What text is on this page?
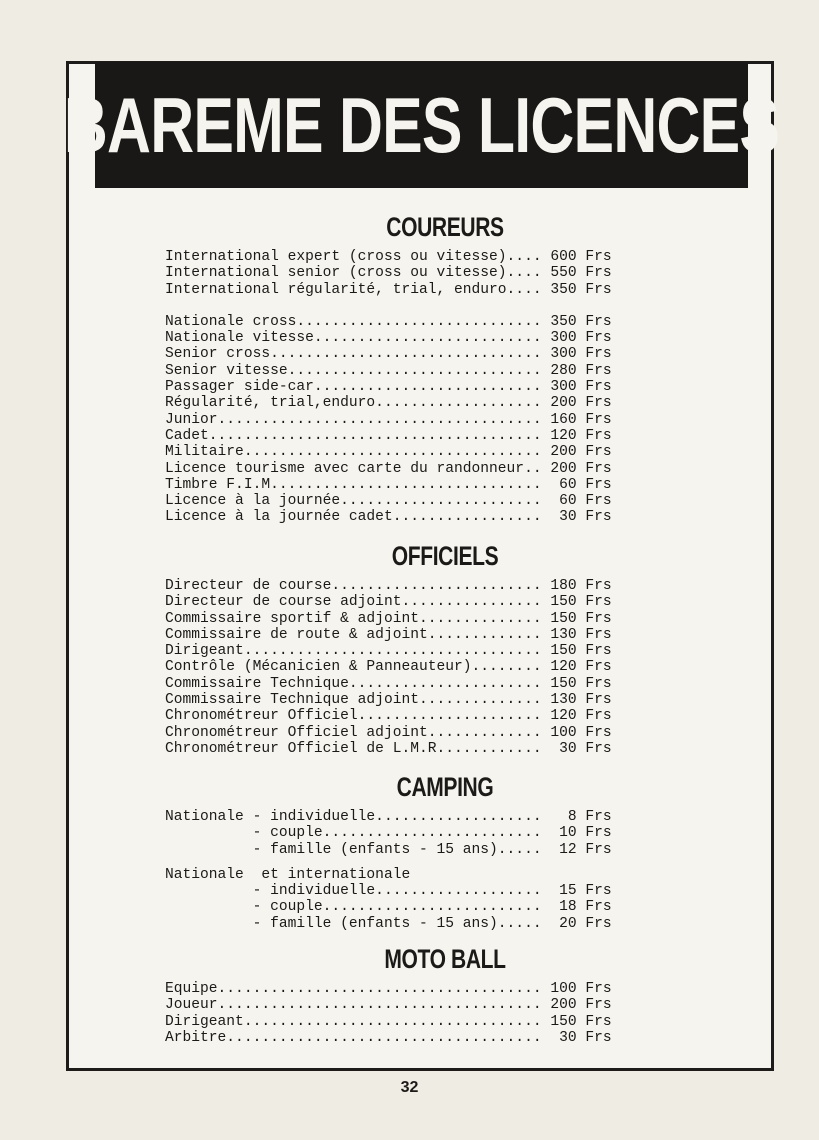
BAREME DES LICENCES
COUREURS
International expert (cross ou vitesse).... 600 Frs
International senior (cross ou vitesse).... 550 Frs
International régularité, trial, enduro.... 350 Frs
Nationale cross............................ 350 Frs
Nationale vitesse.......................... 300 Frs
Senior cross............................... 300 Frs
Senior vitesse............................. 280 Frs
Passager side-car.......................... 300 Frs
Régularité, trial,enduro................... 200 Frs
Junior..................................... 160 Frs
Cadet...................................... 120 Frs
Militaire.................................. 200 Frs
Licence tourisme avec carte du randonneur.. 200 Frs
Timbre F.I.M...............................  60 Frs
Licence à la journée.......................  60 Frs
Licence à la journée cadet.................  30 Frs
OFFICIELS
Directeur de course........................ 180 Frs
Directeur de course adjoint................ 150 Frs
Commissaire sportif & adjoint.............. 150 Frs
Commissaire de route & adjoint............. 130 Frs
Dirigeant.................................. 150 Frs
Contrôle (Mécanicien & Panneauteur)........ 120 Frs
Commissaire Technique...................... 150 Frs
Commissaire Technique adjoint.............. 130 Frs
Chronométreur Officiel..................... 120 Frs
Chronométreur Officiel adjoint............. 100 Frs
Chronométreur Officiel de L.M.R............  30 Frs
CAMPING
Nationale - individuelle...................   8 Frs
- couple.........................  10 Frs
- famille (enfants - 15 ans).....  12 Frs
Nationale  et internationale
- individuelle...................  15 Frs
- couple.........................  18 Frs
- famille (enfants - 15 ans).....  20 Frs
MOTO BALL
Equipe..................................... 100 Frs
Joueur..................................... 200 Frs
Dirigeant.................................. 150 Frs
Arbitre....................................  30 Frs
32
